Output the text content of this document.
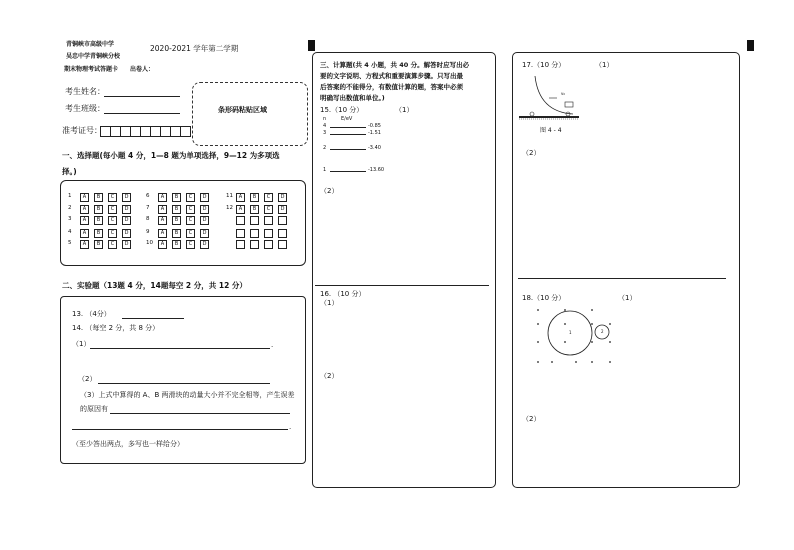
青铜峡市高级中学
吴忠中学青铜峡分校
2020-2021 学年第二学期
期末物理考试答题卡 出卷人：
考生姓名：
考生班级：
准考证号：
条形码粘贴区域
一、选择题(每小题 4 分，1—8 题为单项选择，9—12 为多项选
择。)
1	A	B	C	D
2	A	B	C	D
3	A	B	C	D
4	A	B	C	D
5	A	B	C	D
6	A	B	C	D
7	A	B	C	D
8	A	B	C	D
9	A	B	C	D
10	A	B	C	D
11	A	B	C	D
12	A	B	C	D
二、实验题（13题 4 分，14题每空 2 分，共 12 分）
13. （4分）
14. （每空 2 分，共 8 分）
（1）	.
（2）
（3）上式中算得的 A、B 两滑块的动量大小并不完全相等，产生误差
的原因有
.
（至少答出两点，多写也一样给分）
三、计算题(共 4 小题，共 40 分。解答时应写出必
要的文字说明、方程式和重要演算步骤。只写出最
后答案的不能得分，有数值计算的题，答案中必须
明确写出数值和单位。)
15.（10 分）	（1）
n	E/eV
4	-0.85
3	-1.51
2	-3.40
1	-13.60
（2）
16. （10 分）
（1）
（2）
17.（10 分）	（1）
v₀
图 4 - 4
（2）
18.（10 分）	（1）
1	2
（2）
